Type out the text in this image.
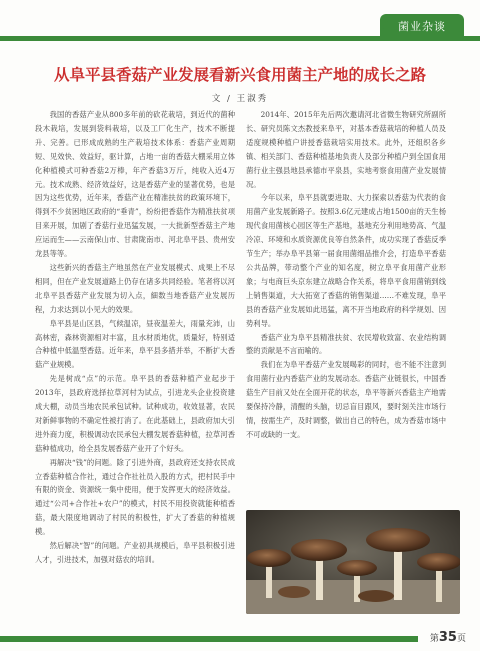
菌业杂谈
从阜平县香菇产业发展看新兴食用菌主产地的成长之路
文 / 王淑秀

我国的香菇产业从800多年前的砍花栽培，到近代的菌种段木栽培，发展到袋料栽培，以及工厂化生产，技术不断提升、完善。已形成成熟的生产栽培技术体系：香菇产业周期短、见效快、效益好，驱计算，占地一亩的香菇大棚采用立体化种植模式可种香菇2万棒，年产香菇3万斤，纯收入近4万元。技术成熟、经济效益好，这是香菇产业的显著优势，也是因为这些优势，近年来，香菇产业在精准扶贫的政策环境下，得到不少贫困地区政府的“垂青”，纷纷把香菇作为精准扶贫项目来开展，加剧了香菇行业迅猛发展，一大批新型香菇主产地应运而生——云南保山市、甘肃陇南市、河北阜平县、贵州安龙县等等。

这些新兴的香菇主产地虽然在产业发展模式、成果上不尽相同，但在产业发展道路上仍存在诸多共同经验。笔者将以河北阜平县香菇产业发展为切入点，細数当地香菇产业发展历程，力求达到以小见大的效果。

阜平县是山区县，气候温凉，昼夜温差大，雨量充沛，山高林密，森林资源相对丰富，且水材质地优，质量好，特别适合种植中低温型香菇。近年来，阜平县多措并举，不断扩大香菇产业规模。

先是树成“点”的示范。阜平县的香菇种植产业起步于2013年，县政府选择拉草河村为试点，引进龙头企业投资建成大棚，动员当地农民承包试种。试种成功，收效显著，农民对新鲜事物的不确定性被打消了。在此基础上，县政府加大引进外商力度，积极调动农民承包大棚发展香菇种植，拉草河香菇种植成功，给全县发展香菇产业开了个好头。

再解决“钱”的问题。除了引进外商，县政府还支持农民成立香菇种植合作社，通过合作社社员入股的方式，把村民手中有限的资金、资源统一集中使用，便于发挥更大的经济效益。通过“公司+合作社+农户”的模式，村民不用投资就能种植香菇，最大限度地调动了村民的积极性，扩大了香菇的种植规模。

然后解决“智”的问题。产业初具规模后，阜平县积极引进人才，引进技术，加强对菇农的培训。

2014年、2015年先后两次邀请河北省微生物研究所副所长、研究员陈文杰教授来阜平，对基本香菇栽培的种植人员及适度规模种植户讲授香菇栽培实用技术。此外，还组织各乡镇、相关部门、香菇种植基地负责人及部分种植户到全国食用菌行业主强县地县承德市平泉县，实地考察食用菌产业发展情况。

今年以来，阜平县就要进取、大力探索以香菇为代表的食用菌产业发展新路子。按照3.6亿元建成占地1500亩的天生杨现代食用菌核心园区等生产基地，基地充分利用地势高、气温冷凉、环境和水质资源优良等自然条件，成功实现了香菇反季节生产；举办阜平县第一届食用菌细品推介会，打造阜平香菇公共品牌，带动整个产业的知名度，树立阜平食用菌产业形象；与电商巨头京东建立战略合作关系，将阜平食用菌销到线上销售渠道，大大拓宽了香菇的销售渠道……不难发现，阜平县的香菇产业发展如此迅猛，离不开当地政府的科学规划、因势利导。

香菇产业为阜平县精准扶贫、农民增收致富、农业结构调整的贡献是不言而喻的。

我们在为阜平香菇产业发展喝彩的同时，也不能不注意到食用菌行业内香菇产业的发展动态。香菇产业链很长，中国香菇生产目前又处在全面开花的状态，阜平等新兴香菇主产地需要保持冷静，清醒的头脑，切忌盲目跟风，要时刻关注市场行情，按需生产，及时调整，做出自己的特色，成为香菇市场中不可或缺的一支。

第35页
